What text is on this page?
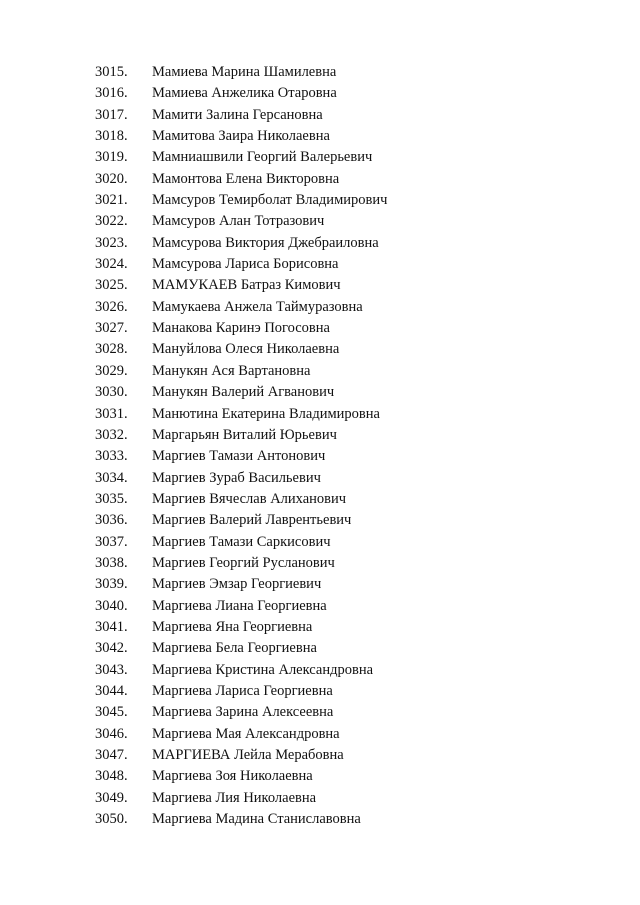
3015. Мамиева Марина Шамилевна
3016. Мамиева Анжелика Отаровна
3017. Мамити Залина Герсановна
3018. Мамитова Заира Николаевна
3019. Мамниашвили Георгий Валерьевич
3020. Мамонтова Елена Викторовна
3021. Мамсуров Темирболат Владимирович
3022. Мамсуров Алан Тотразович
3023. Мамсурова Виктория Джебраиловна
3024. Мамсурова Лариса Борисовна
3025. МАМУКАЕВ Батраз Кимович
3026. Мамукаева Анжела Таймуразовна
3027. Манакова Каринэ Погосовна
3028. Мануйлова Олеся Николаевна
3029. Манукян Ася Вартановна
3030. Манукян Валерий Агванович
3031. Манютина Екатерина Владимировна
3032. Маргарьян Виталий Юрьевич
3033. Маргиев Тамази Антонович
3034. Маргиев Зураб Васильевич
3035. Маргиев Вячеслав Алиханович
3036. Маргиев Валерий Лаврентьевич
3037. Маргиев Тамази Саркисович
3038. Маргиев Георгий Русланович
3039. Маргиев Эмзар Георгиевич
3040. Маргиева Лиана Георгиевна
3041. Маргиева Яна Георгиевна
3042. Маргиева Бела Георгиевна
3043. Маргиева Кристина Александровна
3044. Маргиева Лариса Георгиевна
3045. Маргиева Зарина Алексеевна
3046. Маргиева Мая Александровна
3047. МАРГИЕВА Лейла Мерабовна
3048. Маргиева Зоя Николаевна
3049. Маргиева Лия Николаевна
3050. Маргиева Мадина Станиславовна
